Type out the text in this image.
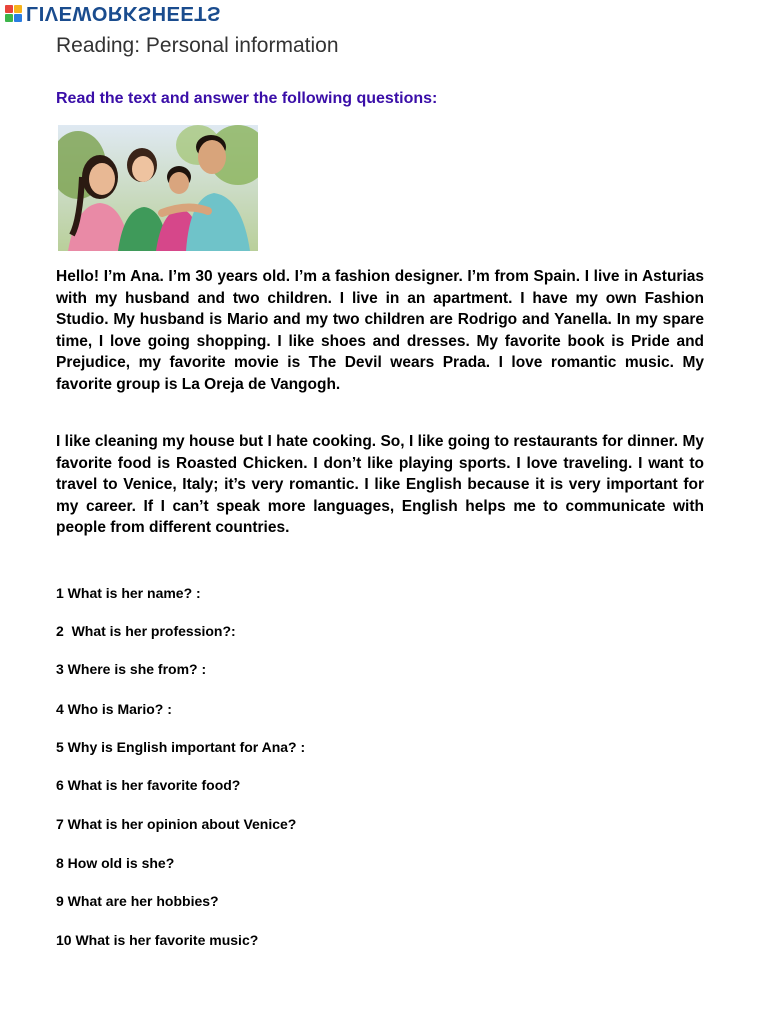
LIVEWORKSHEETS
Reading: Personal information

Read the text and answer the following questions:

Hello! I’m Ana. I’m 30 years old. I’m a fashion designer. I’m from Spain. I live in Asturias with my husband and two children. I live in an apartment. I have my own Fashion Studio. My husband is Mario and my two children are Rodrigo and Yanella. In my spare time, I love going shopping. I like shoes and dresses. My favorite book is Pride and Prejudice, my favorite movie is The Devil wears Prada. I love romantic music. My favorite group is La Oreja de Vangogh.

I like cleaning my house but I hate cooking. So, I like going to restaurants for dinner. My favorite food is Roasted Chicken. I don’t like playing sports. I love traveling. I want to travel to Venice, Italy; it’s very romantic. I like English because it is very important for my career. If I can’t speak more languages, English helps me to communicate with people from different countries.

1 What is her name? :
2  What is her profession?:
3 Where is she from? :
4 Who is Mario? :
5 Why is English important for Ana? :
6 What is her favorite food?
7 What is her opinion about Venice?
8 How old is she?
9 What are her hobbies?
10 What is her favorite music?
